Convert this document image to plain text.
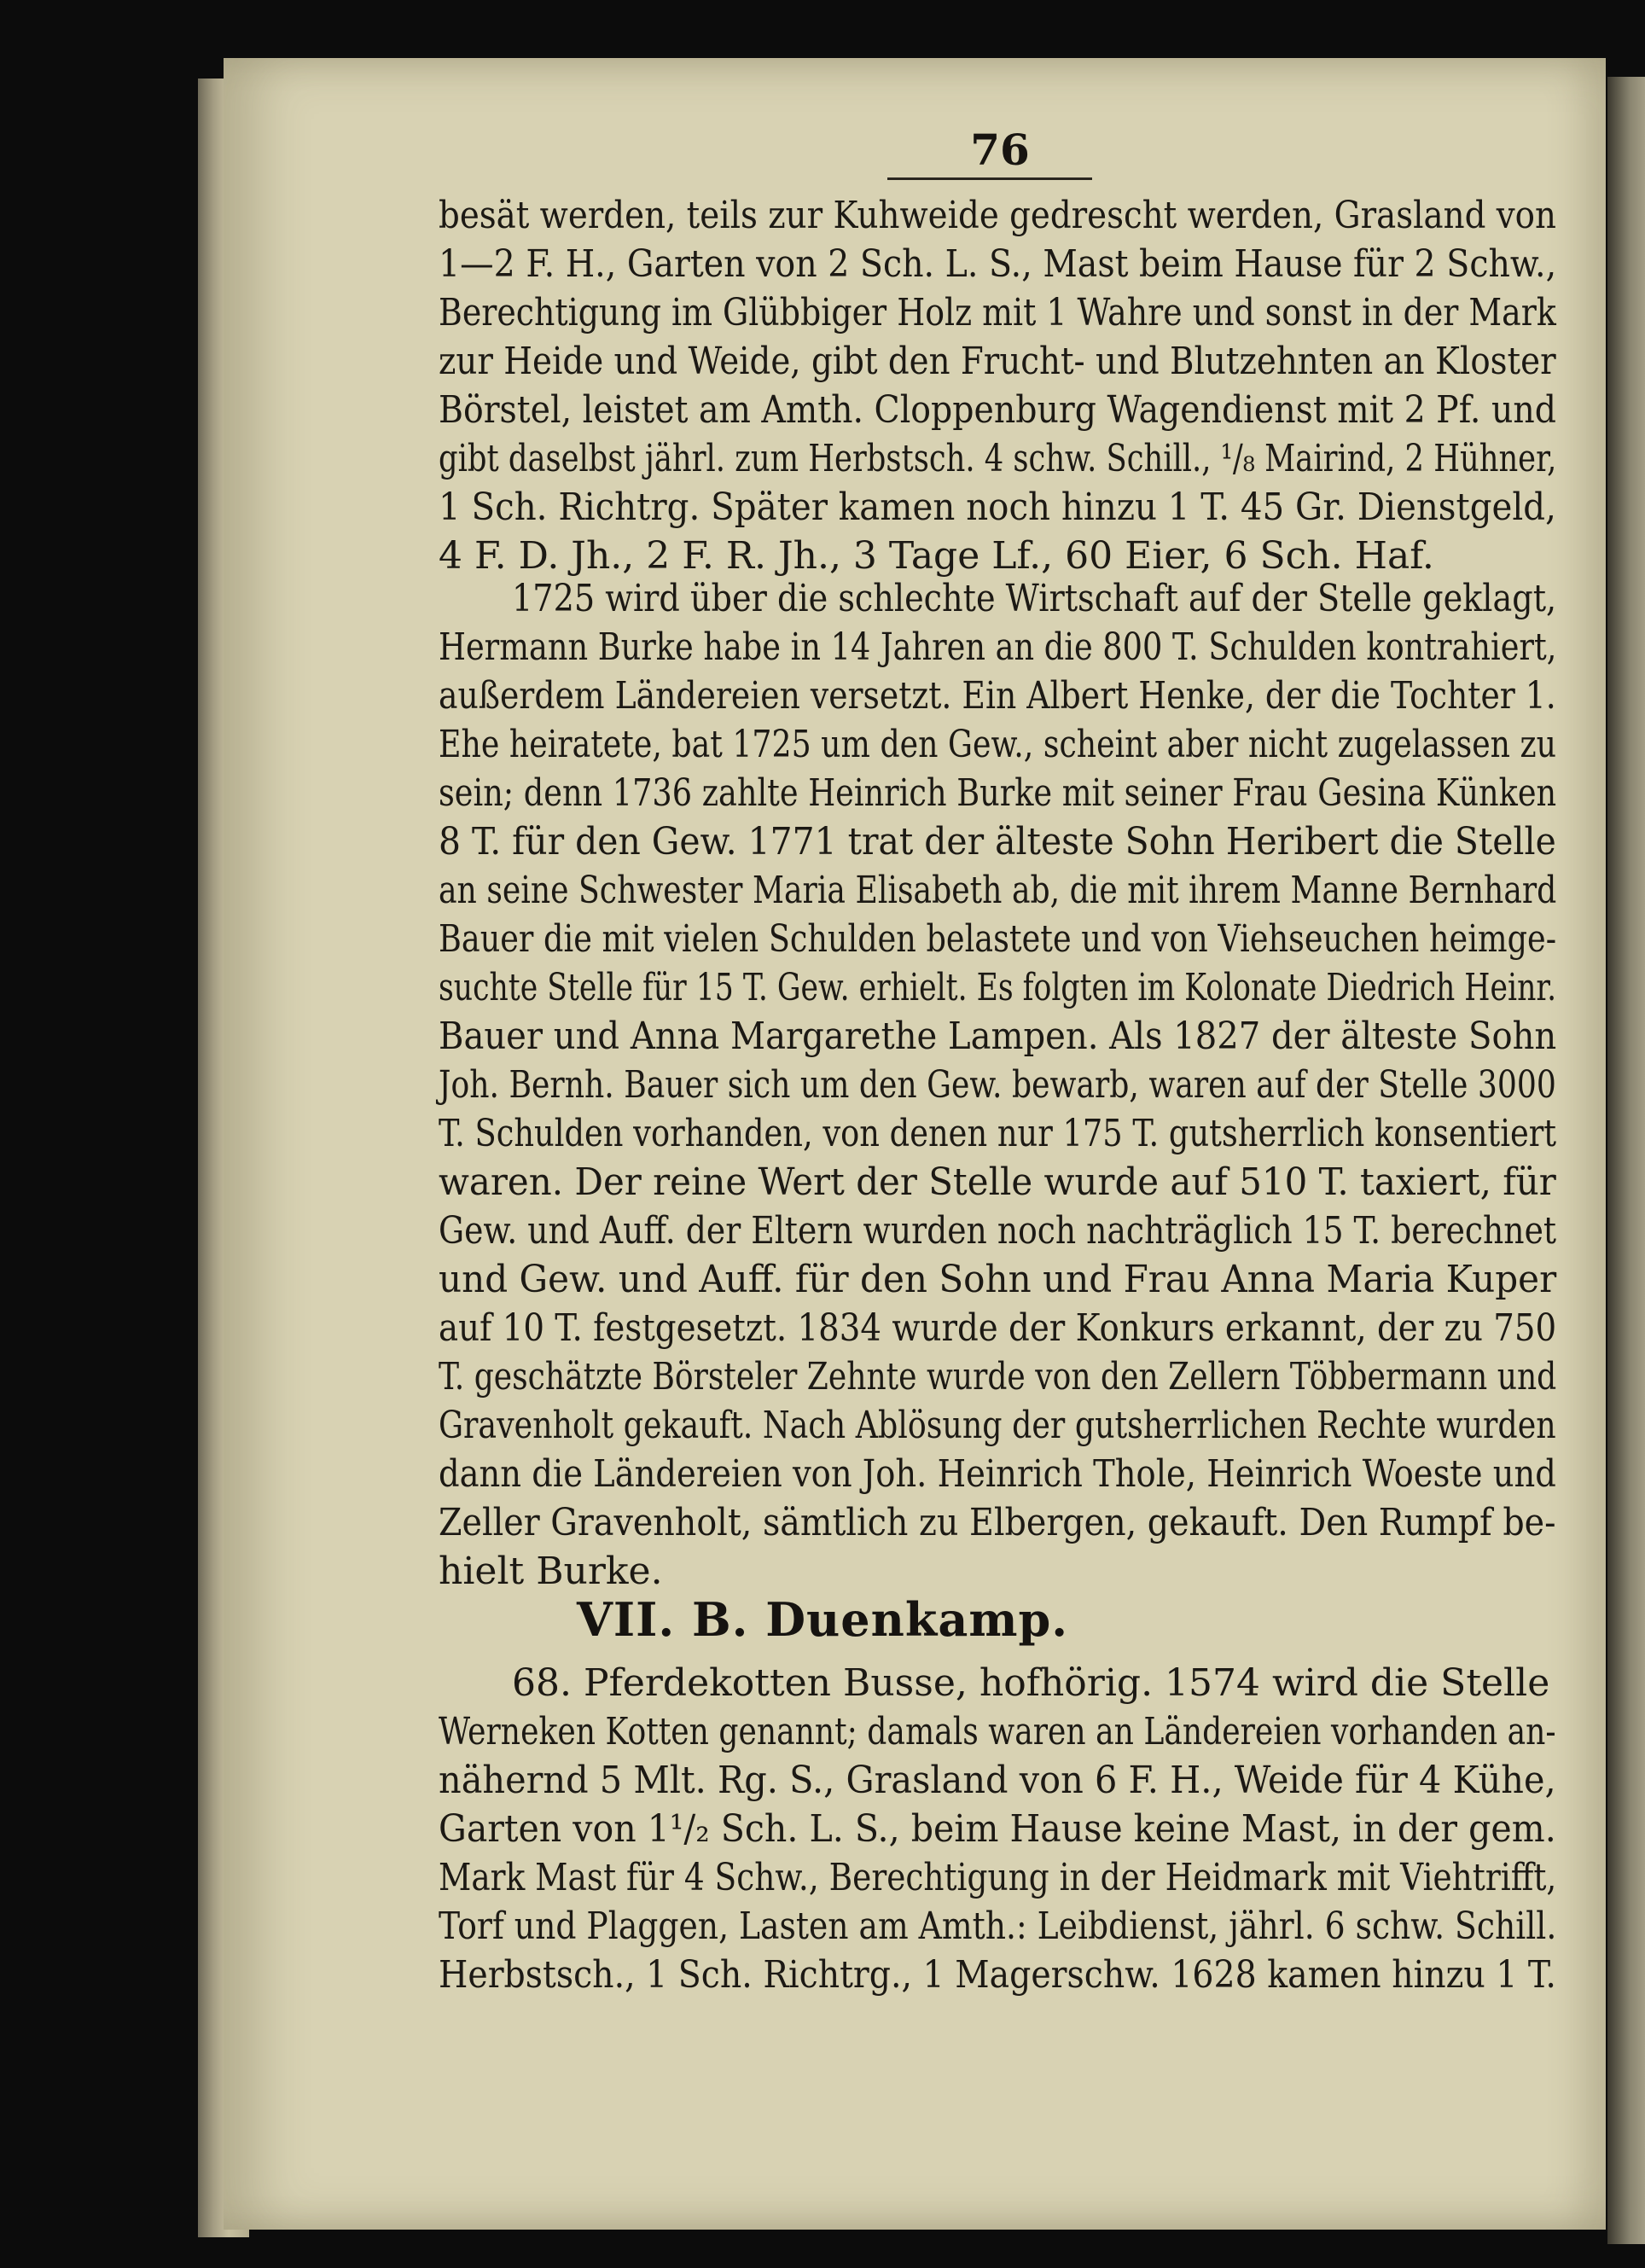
76
besät werden, teils zur Kuhweide gedrescht werden, Grasland von
1—2 F. H., Garten von 2 Sch. L. S., Mast beim Hause für 2 Schw.,
Berechtigung im Glübbiger Holz mit 1 Wahre und sonst in der Mark
zur Heide und Weide, gibt den Frucht- und Blutzehnten an Kloster
Börstel, leistet am Amth. Cloppenburg Wagendienst mit 2 Pf. und
gibt daselbst jährl. zum Herbstsch. 4 schw. Schill., ¹/₈ Mairind, 2 Hühner,
1 Sch. Richtrg. Später kamen noch hinzu 1 T. 45 Gr. Dienstgeld,
4 F. D. Jh., 2 F. R. Jh., 3 Tage Lf., 60 Eier, 6 Sch. Haf.
1725 wird über die schlechte Wirtschaft auf der Stelle geklagt,
Hermann Burke habe in 14 Jahren an die 800 T. Schulden kontrahiert,
außerdem Ländereien versetzt. Ein Albert Henke, der die Tochter 1.
Ehe heiratete, bat 1725 um den Gew., scheint aber nicht zugelassen zu
sein; denn 1736 zahlte Heinrich Burke mit seiner Frau Gesina Künken
8 T. für den Gew. 1771 trat der älteste Sohn Heribert die Stelle
an seine Schwester Maria Elisabeth ab, die mit ihrem Manne Bernhard
Bauer die mit vielen Schulden belastete und von Viehseuchen heimge-
suchte Stelle für 15 T. Gew. erhielt. Es folgten im Kolonate Diedrich Heinr.
Bauer und Anna Margarethe Lampen. Als 1827 der älteste Sohn
Joh. Bernh. Bauer sich um den Gew. bewarb, waren auf der Stelle 3000
T. Schulden vorhanden, von denen nur 175 T. gutsherrlich konsentiert
waren. Der reine Wert der Stelle wurde auf 510 T. taxiert, für
Gew. und Auff. der Eltern wurden noch nachträglich 15 T. berechnet
und Gew. und Auff. für den Sohn und Frau Anna Maria Kuper
auf 10 T. festgesetzt. 1834 wurde der Konkurs erkannt, der zu 750
T. geschätzte Börsteler Zehnte wurde von den Zellern Többermann und
Gravenholt gekauft. Nach Ablösung der gutsherrlichen Rechte wurden
dann die Ländereien von Joh. Heinrich Thole, Heinrich Woeste und
Zeller Gravenholt, sämtlich zu Elbergen, gekauft. Den Rumpf be-
hielt Burke.
VII. B. Duenkamp.
68. Pferdekotten Busse, hofhörig. 1574 wird die Stelle
Werneken Kotten genannt; damals waren an Ländereien vorhanden an-
nähernd 5 Mlt. Rg. S., Grasland von 6 F. H., Weide für 4 Kühe,
Garten von 1¹/₂ Sch. L. S., beim Hause keine Mast, in der gem.
Mark Mast für 4 Schw., Berechtigung in der Heidmark mit Viehtrifft,
Torf und Plaggen, Lasten am Amth.: Leibdienst, jährl. 6 schw. Schill.
Herbstsch., 1 Sch. Richtrg., 1 Magerschw. 1628 kamen hinzu 1 T.
